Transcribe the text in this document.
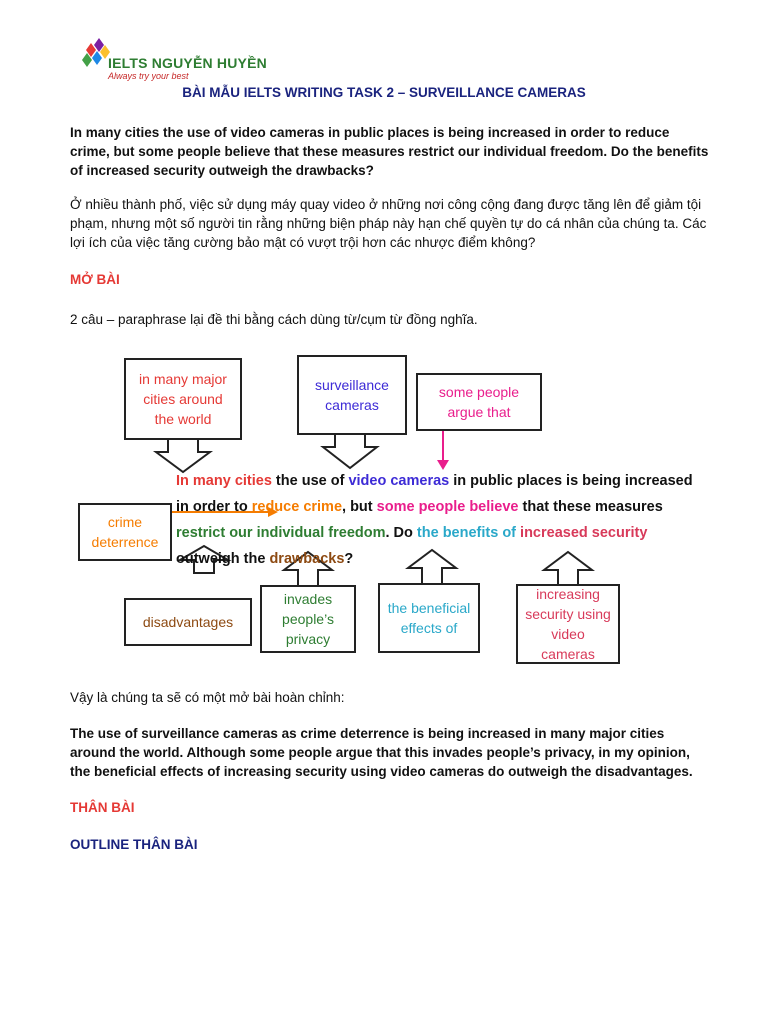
IELTS NGUYỄN HUYỀN
Always try your best
BÀI MẪU IELTS WRITING TASK 2 – SURVEILLANCE CAMERAS
In many cities the use of video cameras in public places is being increased in order to reduce crime, but some people believe that these measures restrict our individual freedom. Do the benefits of increased security outweigh the drawbacks?
Ở nhiều thành phố, việc sử dụng máy quay video ở những nơi công cộng đang được tăng lên để giảm tội phạm, nhưng một số người tin rằng những biện pháp này hạn chế quyền tự do cá nhân của chúng ta. Các lợi ích của việc tăng cường bảo mật có vượt trội hơn các nhược điểm không?
MỞ BÀI
2 câu – paraphrase lại đề thi bằng cách dùng từ/cụm từ đồng nghĩa.
in many major cities around the world
surveillance cameras
some people argue that
crime deterrence
disadvantages
invades people’s privacy
the beneficial effects of
increasing security using video cameras
In many cities the use of video cameras in public places is being increased in order to reduce crime, but some people believe that these measures restrict our individual freedom. Do the benefits of increased security outweigh the drawbacks?
Vậy là chúng ta sẽ có một mở bài hoàn chỉnh:
The use of surveillance cameras as crime deterrence is being increased in many major cities around the world. Although some people argue that this invades people’s privacy, in my opinion, the beneficial effects of increasing security using video cameras do outweigh the disadvantages.
THÂN BÀI
OUTLINE THÂN BÀI
